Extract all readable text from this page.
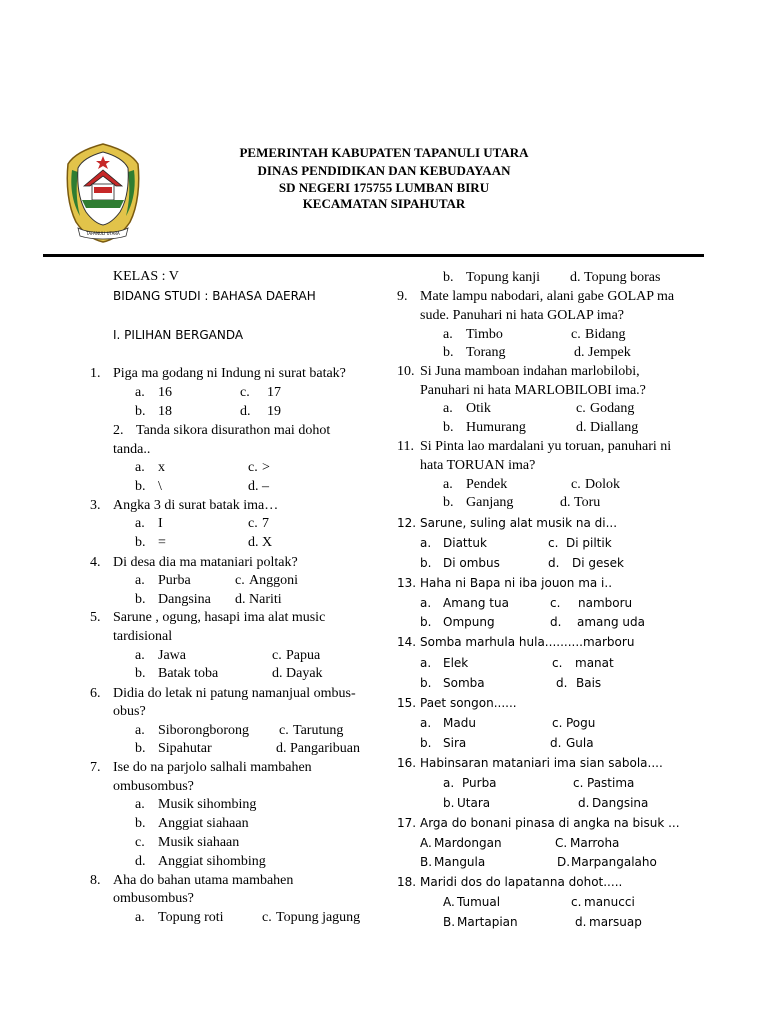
TAPANULI UTARA
PEMERINTAH KABUPATEN TAPANULI UTARA
DINAS PENDIDIKAN DAN KEBUDAYAAN
SD NEGERI 175755 LUMBAN BIRU
KECAMATAN SIPAHUTAR
KELAS : V
BIDANG STUDI : BAHASA DAERAH
I. PILIHAN BERGANDA
1. Piga ma godang ni Indung ni surat batak?
a. 16	c. 17
b. 18	d. 19
2. Tanda sikora disurathon mai dohot
tanda..
a. x	c. >
b. \	d. –
3. Angka 3 di surat batak ima…
a. I	c. 7
b. =	d. X
4. Di desa dia ma mataniari poltak?
a. Purba	c. Anggoni
b. Dangsina d. Nariti
5. Sarune , ogung, hasapi ima alat music
tardisional
a. Jawa	c. Papua
b. Batak toba	d. Dayak
6. Didia do letak ni patung namanjual ombus-
obus?
a. Siborongborong c. Tarutung
b. Sipahutar	d. Pangaribuan
7. Ise do na parjolo salhali mambahen
ombusombus?
a. Musik sihombing
b. Anggiat siahaan
c. Musik siahaan
d. Anggiat sihombing
8. Aha do bahan utama mambahen
ombusombus?
a. Topung roti	c. Topung jagung
b. Topung kanji d. Topung boras
9. Mate lampu nabodari, alani gabe GOLAP ma
sude. Panuhari ni hata GOLAP ima?
a. Timbo	c. Bidang
b. Torang	d. Jempek
10. Si Juna mamboan indahan marlobilobi,
Panuhari ni hata MARLOBILOBI ima.?
a. Otik	c. Godang
b. Humurang	d. Diallang
11. Si Pinta lao mardalani yu toruan, panuhari ni
hata TORUAN ima?
a. Pendek	c. Dolok
b. Ganjang	d. Toru
12. Sarune, suling alat musik na di...
a. Diattuk	c. Di piltik
b. Di ombus	d. Di gesek
13. Haha ni Bapa ni iba jouon ma i..
a. Amang tua	c. namboru
b. Ompung	d. amang uda
14. Somba marhula hula..........marboru
a. Elek	c. manat
b. Somba	d. Bais
15. Paet songon......
a. Madu	c. Pogu
b. Sira	d. Gula
16. Habinsaran mataniari ima sian sabola....
a. Purba	c. Pastima
b. Utara	d. Dangsina
17. Arga do bonani pinasa di angka na bisuk ...
A. Mardongan	C. Marroha
B. Mangula	D. Marpangalaho
18. Maridi dos do lapatanna dohot.....
A. Tumual	c. manucci
B. Martapian	d. marsuap
